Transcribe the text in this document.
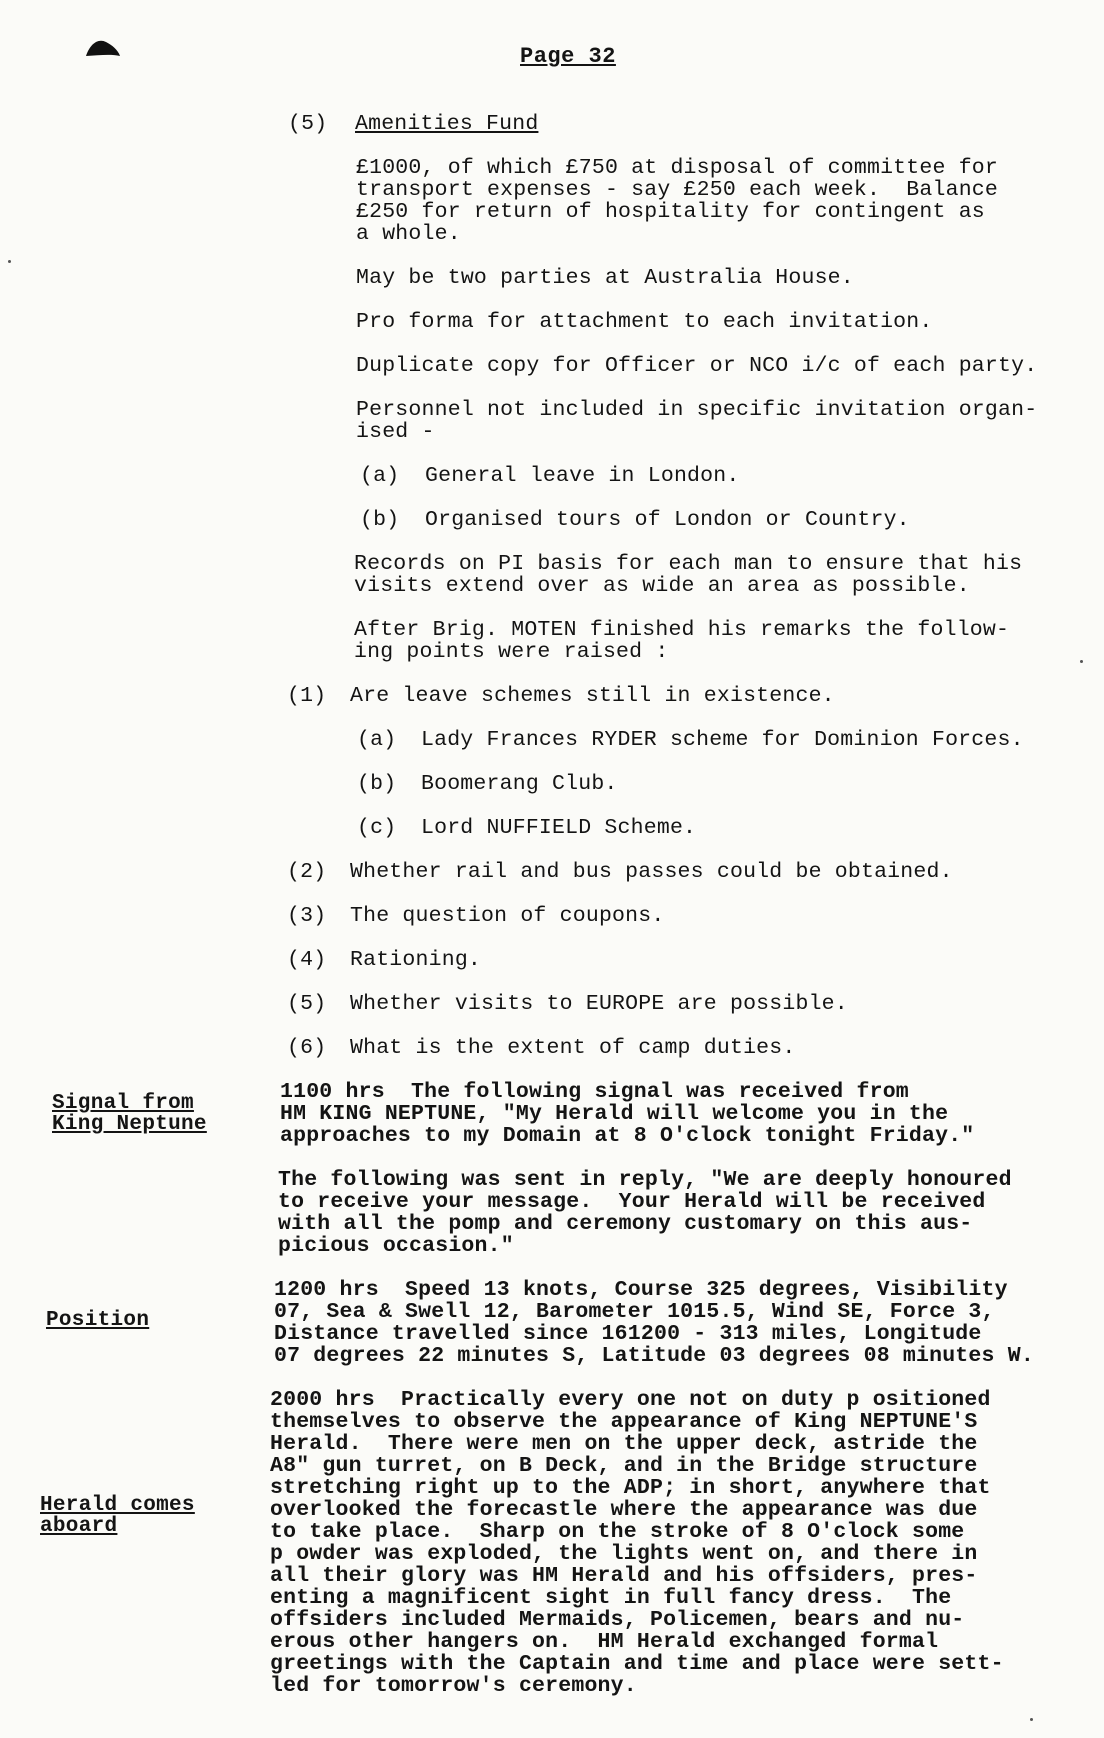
Page 32
(5) Amenities Fund
£1000, of which £750 at disposal of committee for
transport expenses - say £250 each week.  Balance
£250 for return of hospitality for contingent as
a whole.
May be two parties at Australia House.
Pro forma for attachment to each invitation.
Duplicate copy for Officer or NCO i/c of each party.
Personnel not included in specific invitation organ-
ised -
(a) General leave in London.
(b) Organised tours of London or Country.
Records on PI basis for each man to ensure that his
visits extend over as wide an area as possible.
After Brig. MOTEN finished his remarks the follow-
ing points were raised :
(1) Are leave schemes still in existence.
(a) Lady Frances RYDER scheme for Dominion Forces.
(b) Boomerang Club.
(c) Lord NUFFIELD Scheme.
(2) Whether rail and bus passes could be obtained.
(3) The question of coupons.
(4) Rationing.
(5) Whether visits to EUROPE are possible.
(6) What is the extent of camp duties.
Signal from
King Neptune
Position
Herald comes
aboard
1100 hrs  The following signal was received from
HM KING NEPTUNE, "My Herald will welcome you in the
approaches to my Domain at 8 O'clock tonight Friday."
The following was sent in reply, "We are deeply honoured
to receive your message.  Your Herald will be received
with all the pomp and ceremony customary on this aus-
picious occasion."
1200 hrs  Speed 13 knots, Course 325 degrees, Visibility
07, Sea & Swell 12, Barometer 1015.5, Wind SE, Force 3,
Distance travelled since 161200 - 313 miles, Longitude
07 degrees 22 minutes S, Latitude 03 degrees 08 minutes W.
2000 hrs  Practically every one not on duty p ositioned
themselves to observe the appearance of King NEPTUNE'S
Herald.  There were men on the upper deck, astride the
A8" gun turret, on B Deck, and in the Bridge structure
stretching right up to the ADP; in short, anywhere that
overlooked the forecastle where the appearance was due
to take place.  Sharp on the stroke of 8 O'clock some
p owder was exploded, the lights went on, and there in
all their glory was HM Herald and his offsiders, pres-
enting a magnificent sight in full fancy dress.  The
offsiders included Mermaids, Policemen, bears and nu-
erous other hangers on.  HM Herald exchanged formal
greetings with the Captain and time and place were sett-
led for tomorrow's ceremony.
